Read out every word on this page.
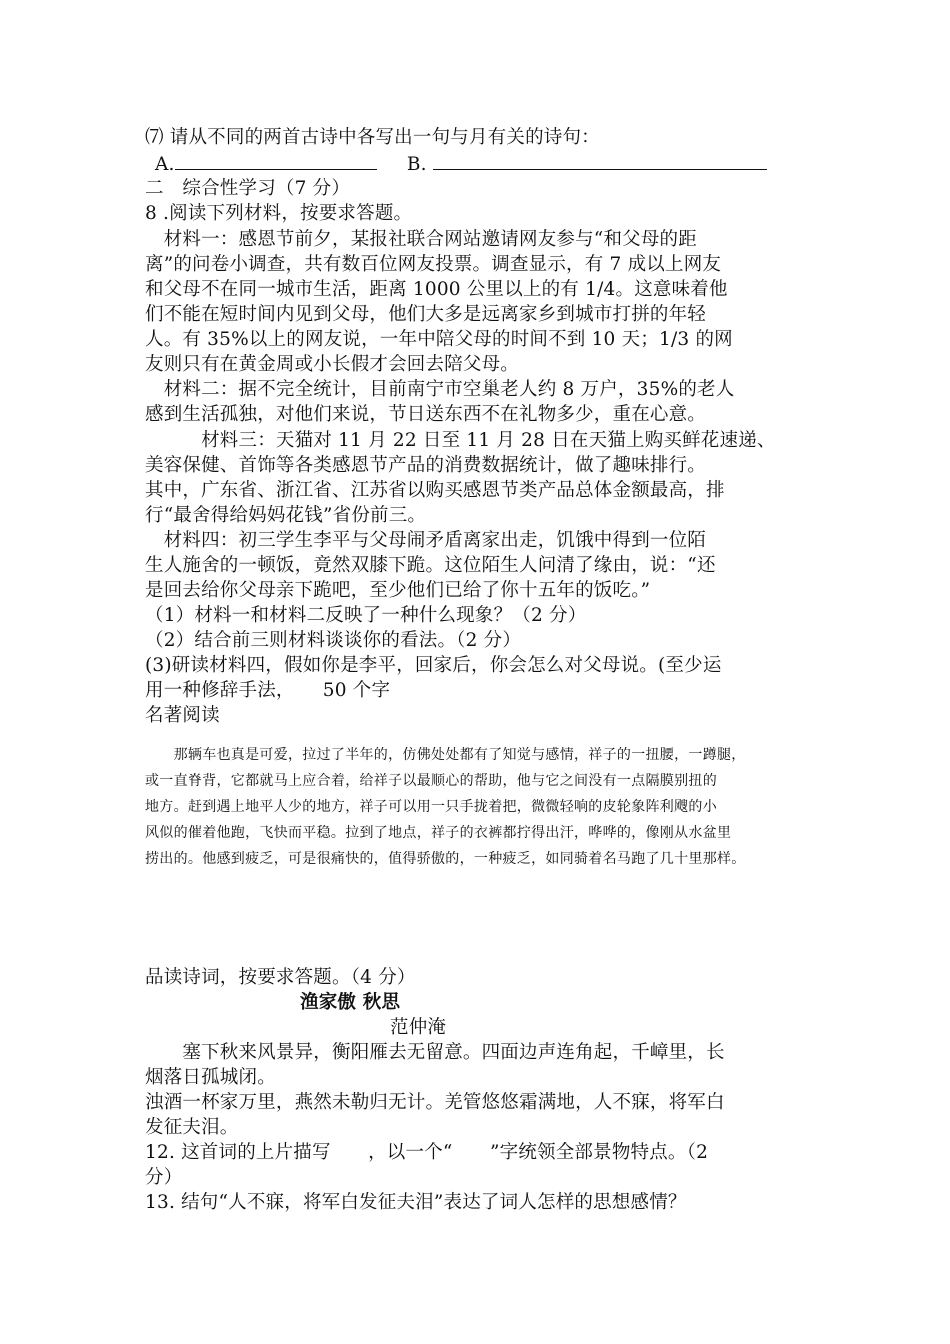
⑺ 请从不同的两首古诗中各写出一句与月有关的诗句：
A.	B.
二　综合性学习（7 分）
8 .阅读下列材料，按要求答题。
　材料一：感恩节前夕，某报社联合网站邀请网友参与“和父母的距
离”的问卷小调查，共有数百位网友投票。调查显示，有 7 成以上网友
和父母不在同一城市生活，距离 1000 公里以上的有 1/4。这意味着他
们不能在短时间内见到父母，他们大多是远离家乡到城市打拼的年轻
人。有 35%以上的网友说，一年中陪父母的时间不到 10 天；1/3 的网
友则只有在黄金周或小长假才会回去陪父母。
　材料二：据不完全统计，目前南宁市空巢老人约 8 万户，35%的老人
感到生活孤独，对他们来说，节日送东西不在礼物多少，重在心意。
　　　材料三：天猫对 11 月 22 日至 11 月 28 日在天猫上购买鲜花速递、
美容保健、首饰等各类感恩节产品的消费数据统计，做了趣味排行。
其中，广东省、浙江省、江苏省以购买感恩节类产品总体金额最高，排
行“最舍得给妈妈花钱”省份前三。
　材料四：初三学生李平与父母闹矛盾离家出走，饥饿中得到一位陌
生人施舍的一顿饭，竟然双膝下跪。这位陌生人问清了缘由，说：“还
是回去给你父母亲下跪吧，至少他们已给了你十五年的饭吃。”
（1）材料一和材料二反映了一种什么现象？（2 分）
（2）结合前三则材料谈谈你的看法。（2 分）
(3)研读材料四，假如你是李平，回家后，你会怎么对父母说。(至少运
用一种修辞手法，　　50 个字
名著阅读
　　那辆车也真是可爱，拉过了半年的，仿佛处处都有了知觉与感情，祥子的一扭腰，一蹲腿，
或一直脊背，它都就马上应合着，给祥子以最顺心的帮助，他与它之间没有一点隔膜别扭的
地方。赶到遇上地平人少的地方，祥子可以用一只手拢着把，微微轻响的皮轮象阵利飕的小
风似的催着他跑，飞快而平稳。拉到了地点，祥子的衣裤都拧得出汗，哗哗的，像刚从水盆里
捞出的。他感到疲乏，可是很痛快的，值得骄傲的，一种疲乏，如同骑着名马跑了几十里那样。
品读诗词，按要求答题。（4 分）
渔家傲 秋思
范仲淹
　　塞下秋来风景异，衡阳雁去无留意。四面边声连角起，千嶂里，长
烟落日孤城闭。
浊酒一杯家万里，燕然未勒归无计。羌管悠悠霜满地，人不寐，将军白
发征夫泪。
12. 这首词的上片描写　　，以一个“　　”字统领全部景物特点。（2
分）
13. 结句“人不寐，将军白发征夫泪”表达了词人怎样的思想感情？
